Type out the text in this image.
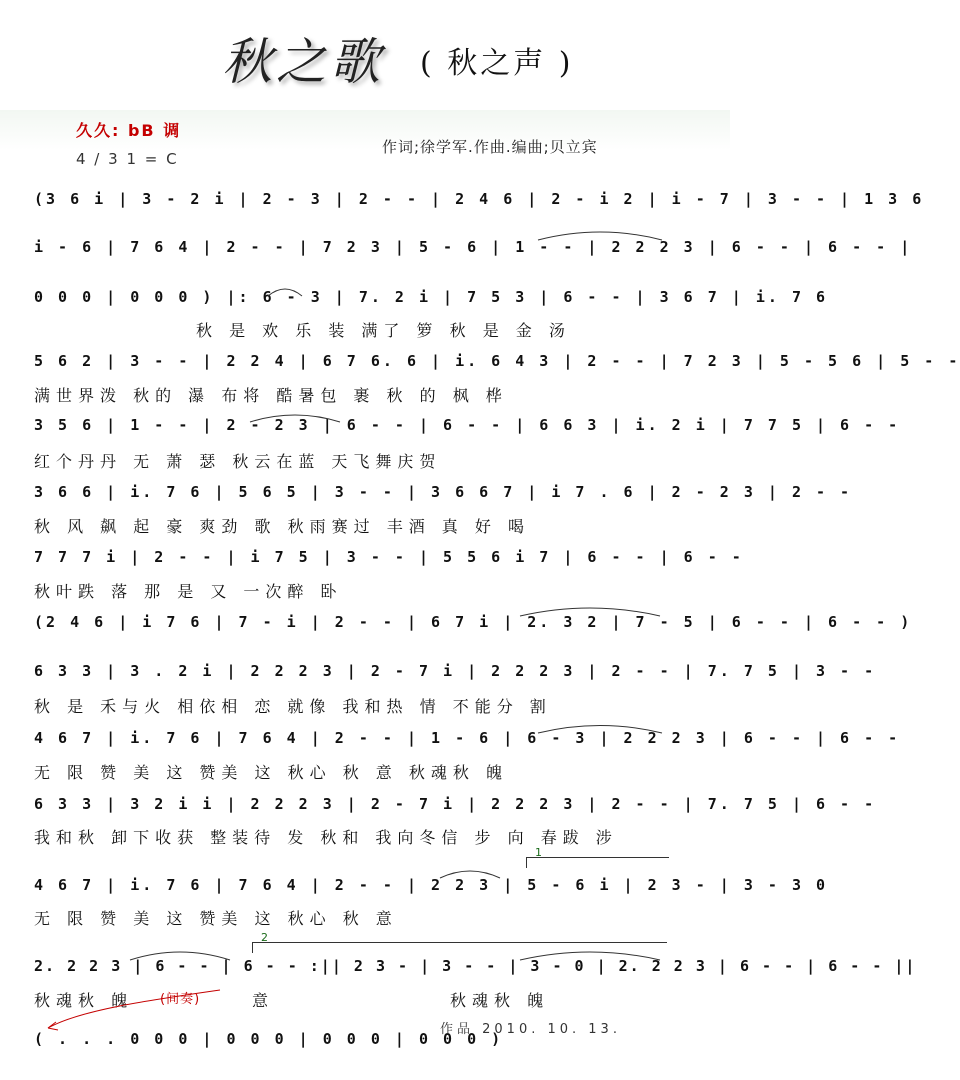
秋之歌 ( 秋之声 )
久久: bB 调
4 / 3 1 = C
作词;徐学军.作曲.编曲;贝立宾
(3 6 i | 3 - 2 i | 2 - 3 | 2 - - | 2 4 6 | 2 - i 2 | i - 7 | 3 - - | 1 3 6
i - 6 | 7 6 4 | 2 - - | 7 2 3 | 5 - 6 | 1 - - | 2 2 2 3 | 6 - - | 6 - - |
0 0 0 | 0 0 0 ) |: 6 - 3 | 7. 2 i | 7 5 3 | 6 - - | 3 6 7 | i. 7 6
秋 是 欢 乐 装 满了 箩 秋 是 金 汤
5 6 2 | 3 - - | 2 2 4 | 6 7 6. 6 | i. 6 4 3 | 2 - - | 7 2 3 | 5 - 5 6 | 5 - -
满世界泼 秋的 瀑 布将 酷暑包 裹 秋 的 枫 桦
3 5 6 | 1 - - | 2 - 2 3 | 6 - - | 6 - - | 6 6 3 | i. 2 i | 7 7 5 | 6 - -
红个丹丹 无 萧 瑟 秋云在蓝 天飞舞庆贺
3 6 6 | i. 7 6 | 5 6 5 | 3 - - | 3 6 6 7 | i 7 . 6 | 2 - 2 3 | 2 - -
秋 风 飙 起 豪 爽劲 歌 秋雨赛过 丰酒 真 好 喝
7 7 7 i | 2 - - | i 7 5 | 3 - - | 5 5 6 i 7 | 6 - - | 6 - -
秋叶跌 落 那 是 又 一次醉 卧
(2 4 6 | i 7 6 | 7 - i | 2 - - | 6 7 i | 2. 3 2 | 7 - 5 | 6 - - | 6 - - )
6 3 3 | 3 . 2 i | 2 2 2 3 | 2 - 7 i | 2 2 2 3 | 2 - - | 7. 7 5 | 3 - -
秋 是 禾与火 相依相 恋 就像 我和热 情 不能分 割
4 6 7 | i. 7 6 | 7 6 4 | 2 - - | 1 - 6 | 6 - 3 | 2 2 2 3 | 6 - - | 6 - -
无 限 赞 美 这 赞美 这 秋心 秋 意 秋魂秋 魄
6 3 3 | 3 2 i i | 2 2 2 3 | 2 - 7 i | 2 2 2 3 | 2 - - | 7. 7 5 | 6 - -
我和秋 卸下收获 整装待 发 秋和 我向冬信 步 向 春跋 涉
1
4 6 7 | i. 7 6 | 7 6 4 | 2 - - | 2 2 3 | 5 - 6 i | 2 3 - | 3 - 3 0
无 限 赞 美 这 赞美 这 秋心 秋 意
2
2. 2 2 3 | 6 - - | 6 - - :|| 2 3 - | 3 - - | 3 - 0 | 2. 2 2 3 | 6 - - | 6 - - ||
秋魂秋 魄	(间奏)	意	秋魂秋 魄
( . . . 0 0 0 | 0 0 0 | 0 0 0 | 0 0 0 )
作品 2010. 10. 13.
